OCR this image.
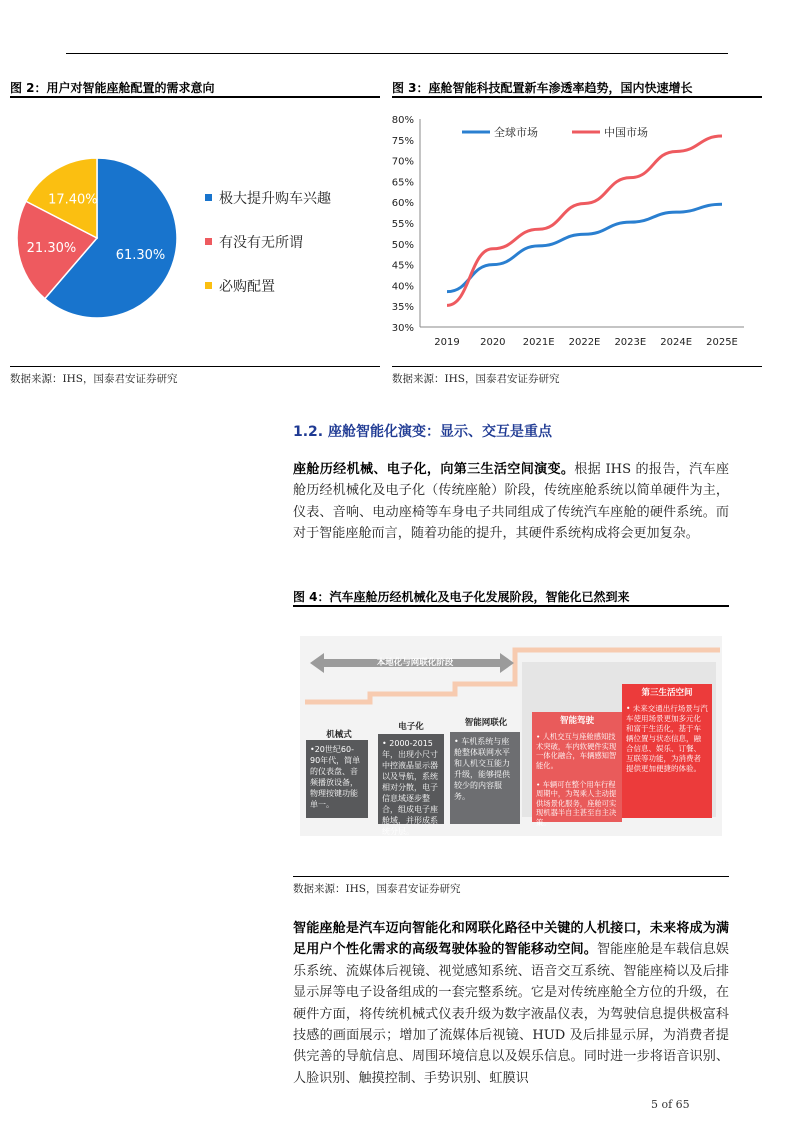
图 2：用户对智能座舱配置的需求意向
61.30%
21.30%
17.40%	极大提升购车兴趣
有没有无所谓
必购配置
数据来源：IHS，国泰君安证券研究
图 3：座舱智能科技配置新车渗透率趋势，国内快速增长
30%
35%
40%
45%
50%
55%
60%
65%
70%
75%
80%
2019 2020 2021E 2022E 2023E 2024E 2025E
全球市场	中国市场
数据来源：IHS，国泰君安证券研究
1.2. 座舱智能化演变：显示、交互是重点
座舱历经机械、电子化，向第三生活空间演变。根据 IHS 的报告，汽车座舱历经机械化及电子化（传统座舱）阶段，传统座舱系统以简单硬件为主，仪表、音响、电动座椅等车身电子共同组成了传统汽车座舱的硬件系统。而对于智能座舱而言，随着功能的提升，其硬件系统构成将会更加复杂。
图 4：汽车座舱历经机械化及电子化发展阶段，智能化已然到来
本地化与网联化阶段
机械式
•20世纪60-90年代，简单的仪表盘、音频播放设备，物理按键功能单一。
电子化
• 2000-2015年，出现小尺寸中控液晶显示器以及导航，系统相对分散，电子信息域逐步整合，组成电子座舱域，并形成系统分层。
智能网联化
• 车机系统与座舱整体联网水平和人机交互能力升级，能够提供较少的内容服务。
智能驾驶
• 人机交互与座舱感知技术突破，车内软硬件实现一体化融合，车辆感知智能化。

• 车辆可在整个用车行程周期中，为驾乘人主动提供场景化服务，座舱可实现机器半自主甚至自主决策。
第三生活空间
• 未来交通出行场景与汽车使用场景更加多元化和富于生活化，基于车辆位置与状态信息，融合信息、娱乐、订餐、互联等功能，为消费者提供更加便捷的体验。
数据来源：IHS，国泰君安证券研究
智能座舱是汽车迈向智能化和网联化路径中关键的人机接口，未来将成为满足用户个性化需求的高级驾驶体验的智能移动空间。智能座舱是车载信息娱乐系统、流媒体后视镜、视觉感知系统、语音交互系统、智能座椅以及后排显示屏等电子设备组成的一套完整系统。它是对传统座舱全方位的升级，在硬件方面，将传统机械式仪表升级为数字液晶仪表，为驾驶信息提供极富科技感的画面展示；增加了流媒体后视镜、HUD 及后排显示屏，为消费者提供完善的导航信息、周围环境信息以及娱乐信息。同时进一步将语音识别、人脸识别、触摸控制、手势识别、虹膜识
5 of 65
